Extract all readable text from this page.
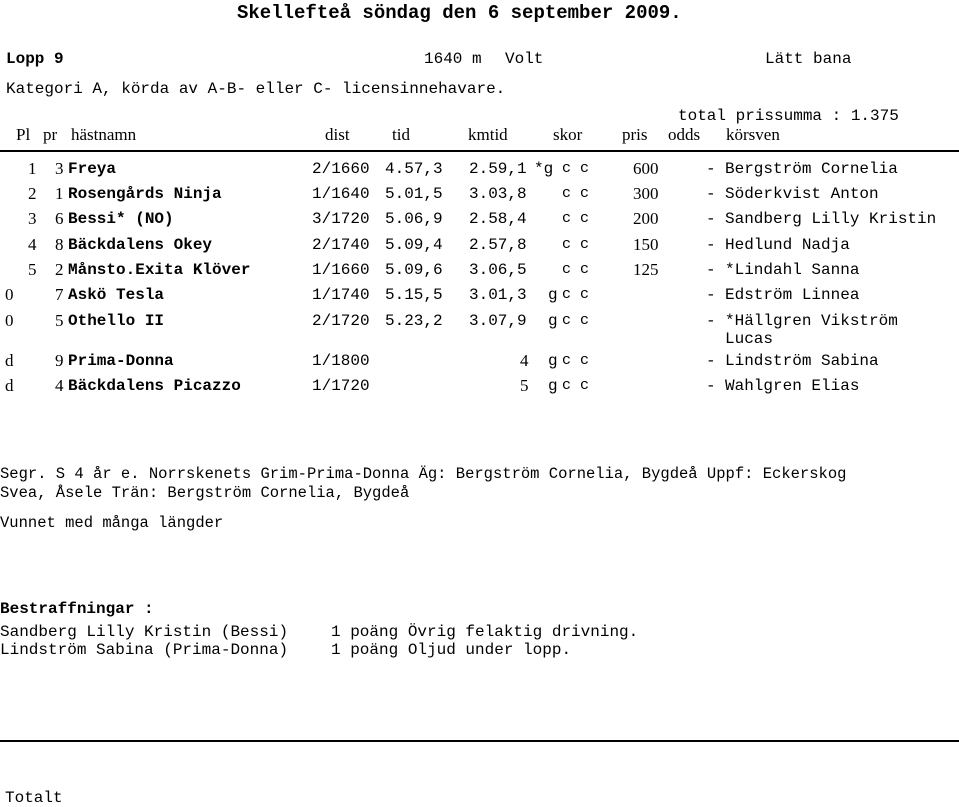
Skellefteå söndag den 6 september 2009.
Lopp 9	1640 m Volt	Lätt bana
Kategori A, körda av A-B- eller C- licensinnehavare.
total prissumma : 1.375
Pl pr hästnamn	dist tid	kmtid	skor pris odds körsven
1 3 Freya	2/1660 4.57,3 2.59,1 *g c c	600	- Bergström Cornelia
2 1 Rosengårds Ninja	1/1640 5.01,5 3.03,8 c c	300	- Söderkvist Anton
3 6 Bessi* (NO)	3/1720 5.06,9 2.58,4 c c	200	- Sandberg Lilly Kristin
4 8 Bäckdalens Okey	2/1740 5.09,4 2.57,8 c c	150	- Hedlund Nadja
5 2 Månsto.Exita Klöver	1/1660 5.09,6 3.06,5 c c	125	- *Lindahl Sanna
0 7 Askö Tesla	1/1740 5.15,5 3.01,3 g c c	- Edström Linnea
0 5 Othello II	2/1720 5.23,2 3.07,9 g c c	- *Hällgren Vikström
Lucas
d 9 Prima-Donna	1/1800	4 g c c	- Lindström Sabina
d 4 Bäckdalens Picazzo	1/1720	5 g c c	- Wahlgren Elias
Segr. S 4 år e. Norrskenets Grim-Prima-Donna Äg: Bergström Cornelia, Bygdeå Uppf: Eckerskog
Svea, Åsele Trän: Bergström Cornelia, Bygdeå
Vunnet med många längder
Bestraffningar :
Sandberg Lilly Kristin (Bessi)	1 poäng Övrig felaktig drivning.
Lindström Sabina (Prima-Donna)	1 poäng Oljud under lopp.
Totalt
